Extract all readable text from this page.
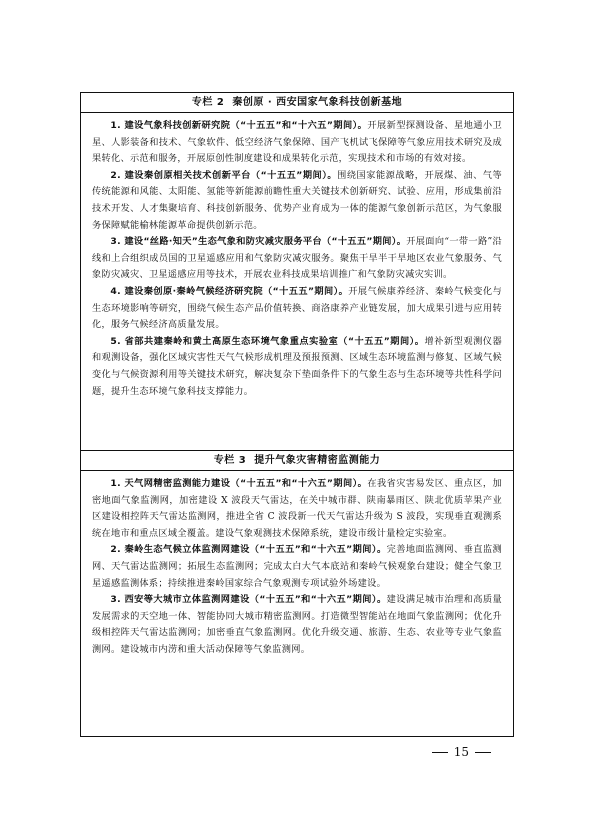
专栏 2 秦创原 · 西安国家气象科技创新基地

1. 建设气象科技创新研究院（“十五五”和“十六五”期间）。开展新型探测设备、星地通小卫星、人影装备和技术、气象软件、低空经济气象保障、国产飞机试飞保障等气象应用技术研究及成果转化、示范和服务，开展原创性制度建设和成果转化示范，实现技术和市场的有效对接。

2. 建设秦创原相关技术创新平台（“十五五”期间）。围绕国家能源战略，开展煤、油、气等传统能源和风能、太阳能、氢能等新能源前瞻性重大关键技术创新研究、试验、应用，形成集前沿技术开发、人才集聚培育、科技创新服务、优势产业育成为一体的能源气象创新示范区，为气象服务保障赋能榆林能源革命提供创新示范。

3. 建设“丝路·知天”生态气象和防灾减灾服务平台（“十五五”期间）。开展面向“一带一路”沿线和上合组织成员国的卫星遥感应用和气象防灾减灾服务。聚焦干旱半干旱地区农业气象服务、气象防灾减灾、卫星遥感应用等技术，开展农业科技成果培训推广和气象防灾减灾实训。

4. 建设秦创原·秦岭气候经济研究院（“十五五”期间）。开展气候康养经济、秦岭气候变化与生态环境影响等研究，围绕气候生态产品价值转换、商洛康养产业链发展，加大成果引进与应用转化，服务气候经济高质量发展。

5. 省部共建秦岭和黄土高原生态环境气象重点实验室（“十五五”期间）。增补新型观测仪器和观测设备，强化区域灾害性天气气候形成机理及预报预测、区域生态环境监测与修复、区域气候变化与气候资源利用等关键技术研究，解决复杂下垫面条件下的气象生态与生态环境等共性科学问题，提升生态环境气象科技支撑能力。

专栏 3 提升气象灾害精密监测能力

1. 天气网精密监测能力建设（“十五五”和“十六五”期间）。在我省灾害易发区、重点区，加密地面气象监测网，加密建设 X 波段天气雷达，在关中城市群、陕南暴雨区、陕北优质苹果产业区建设相控阵天气雷达监测网，推进全省 C 波段新一代天气雷达升级为 S 波段，实现垂直观测系统在地市和重点区域全覆盖。建设气象观测技术保障系统，建设市级计量检定实验室。

2. 秦岭生态气候立体监测网建设（“十五五”和“十六五”期间）。完善地面监测网、垂直监测网、天气雷达监测网；拓展生态监测网；完成太白大气本底站和秦岭气候观象台建设；健全气象卫星遥感监测体系；持续推进秦岭国家综合气象观测专项试验外场建设。

3. 西安等大城市立体监测网建设（“十五五”和“十六五”期间）。建设满足城市治理和高质量发展需求的天空地一体、智能协同大城市精密监测网。打造微型智能站在地面气象监测网；优化升级相控阵天气雷达监测网；加密垂直气象监测网。优化升级交通、旅游、生态、农业等专业气象监测网。建设城市内涝和重大活动保障等气象监测网。

15
